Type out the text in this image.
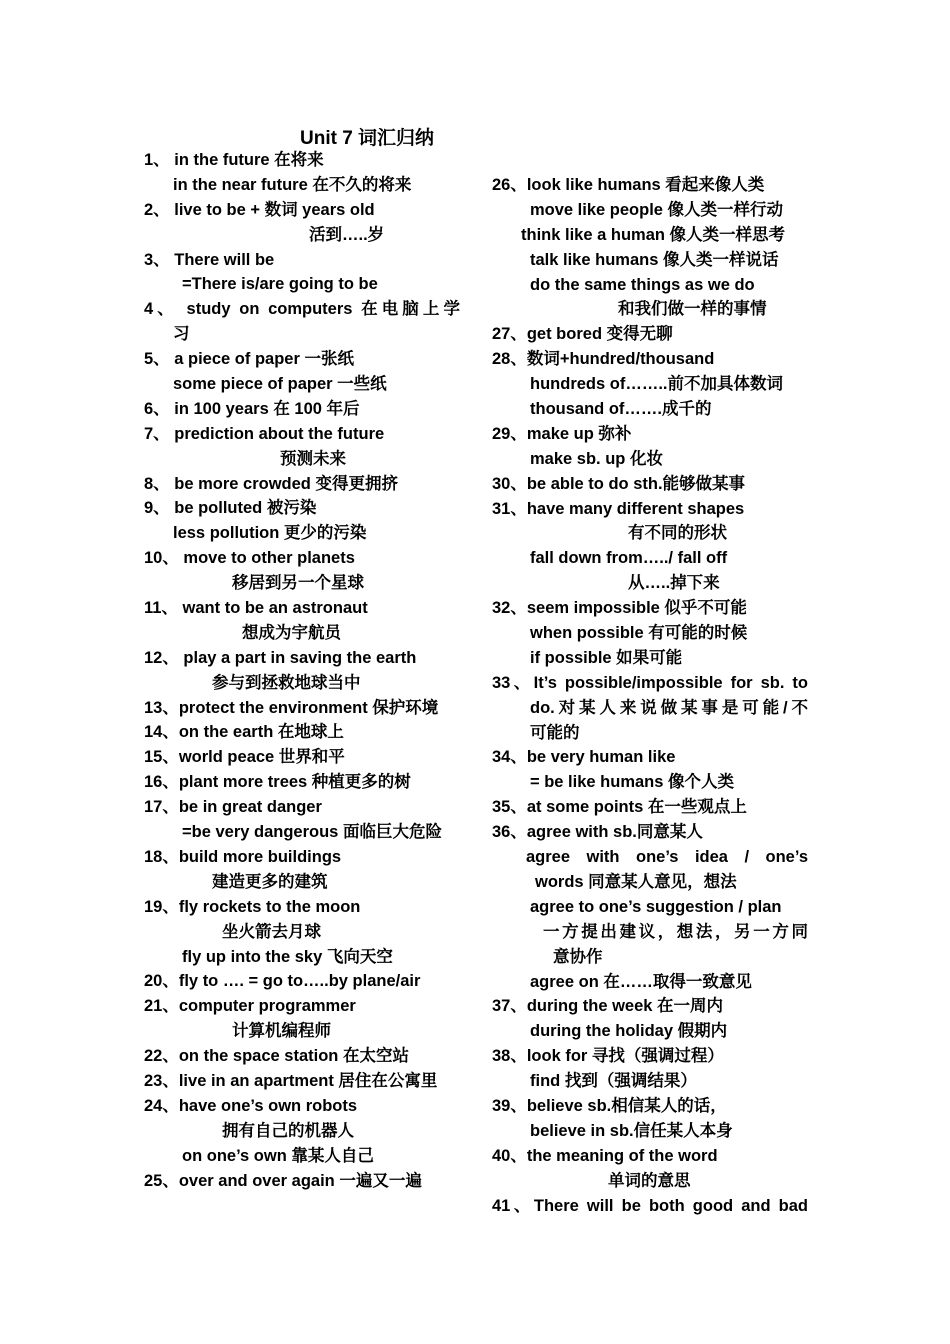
Unit 7 词汇归纳
1、 in the future 在将来
in the near future 在不久的将来
2、 live to be + 数词 years old
活到…..岁
3、 There will be
=There is/are going to be
4、 study on computers 在电脑上学
习
5、 a piece of paper 一张纸
some piece of paper 一些纸
6、 in 100 years 在 100 年后
7、 prediction about the future
预测未来
8、 be more crowded 变得更拥挤
9、 be polluted 被污染
less pollution 更少的污染
10、 move to other planets
移居到另一个星球
11、 want to be an astronaut
想成为宇航员
12、 play a part in saving the earth
参与到拯救地球当中
13、protect the environment 保护环境
14、on the earth 在地球上
15、world peace 世界和平
16、plant more trees 种植更多的树
17、be in great danger
=be very dangerous 面临巨大危险
18、build more buildings
建造更多的建筑
19、fly rockets to the moon
坐火箭去月球
fly up into the sky 飞向天空
20、fly to …. = go to…..by plane/air
21、computer programmer
计算机编程师
22、on the space station 在太空站
23、live in an apartment 居住在公寓里
24、have one’s own robots
拥有自己的机器人
on one’s own 靠某人自己
25、over and over again 一遍又一遍
26、look like humans 看起来像人类
move like people 像人类一样行动
think like a human 像人类一样思考
talk like humans 像人类一样说话
do the same things as we do
和我们做一样的事情
27、get bored 变得无聊
28、数词+hundred/thousand
hundreds of……..前不加具体数词
thousand of…….成千的
29、make up 弥补
make sb. up 化妆
30、be able to do sth.能够做某事
31、have many different shapes
有不同的形状
fall down from…../ fall off
从…..掉下来
32、seem impossible 似乎不可能
when possible 有可能的时候
if possible 如果可能
33、It’s possible/impossible for sb. to
do.对某人来说做某事是可能/不
可能的
34、be very human like
= be like humans 像个人类
35、at some points 在一些观点上
36、agree with sb.同意某人
agree with one’s idea / one’s
words 同意某人意见，想法
agree to one’s suggestion / plan
一方提出建议，想法，另一方同
意协作
agree on 在……取得一致意见
37、during the week 在一周内
during the holiday 假期内
38、look for 寻找（强调过程）
find 找到（强调结果）
39、believe sb.相信某人的话，
believe in sb.信任某人本身
40、the meaning of the word
单词的意思
41、There will be both good and bad
